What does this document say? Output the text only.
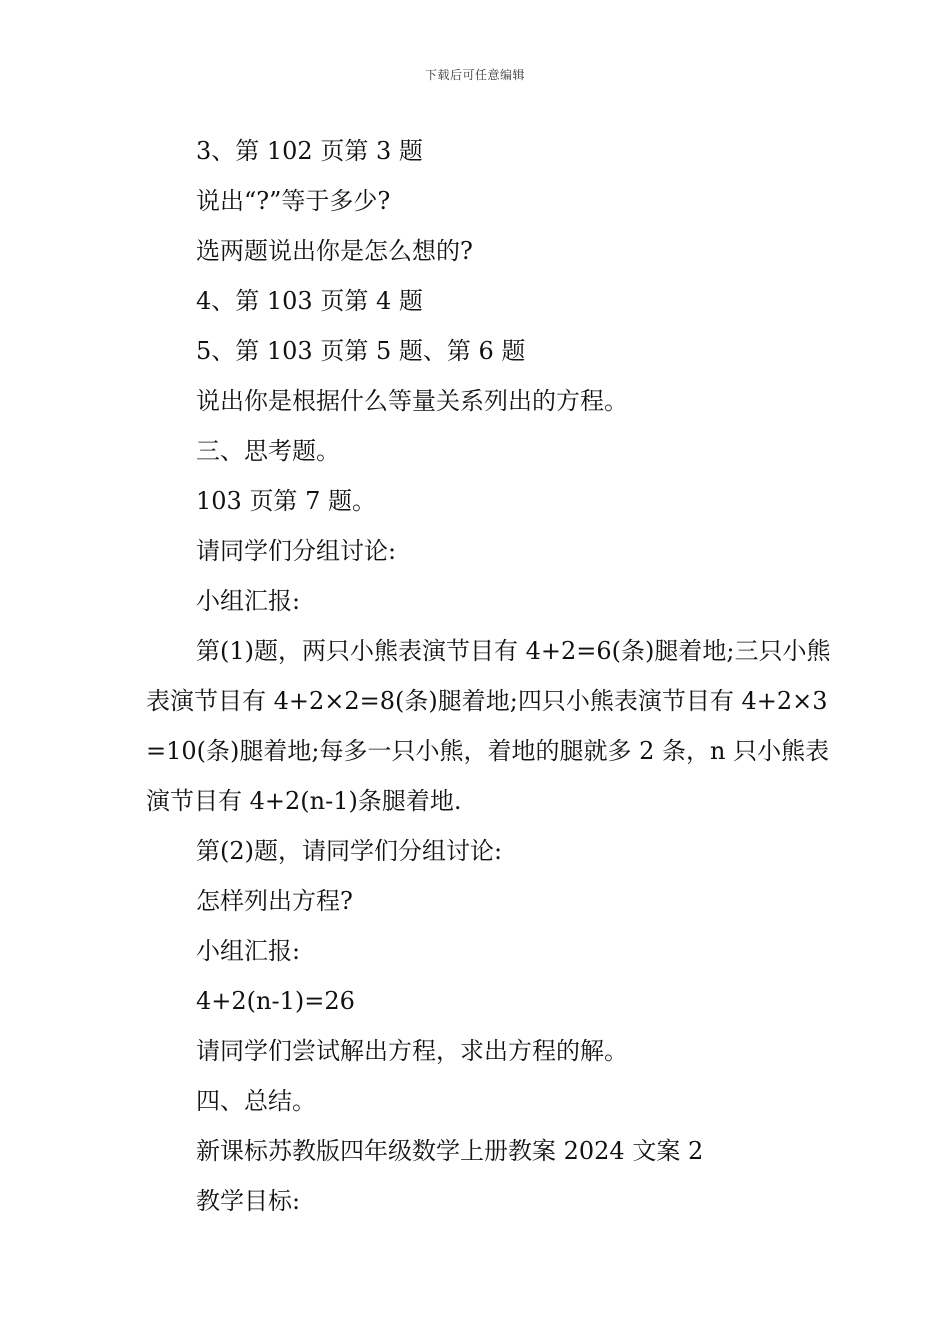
下载后可任意编辑

3、第 102 页第 3 题

说出“?”等于多少?

选两题说出你是怎么想的?

4、第 103 页第 4 题

5、第 103 页第 5 题、第 6 题

说出你是根据什么等量关系列出的方程。

三、思考题。

103 页第 7 题。

请同学们分组讨论:

小组汇报:

第(1)题，两只小熊表演节目有 4+2=6(条)腿着地;三只小熊表演节目有 4+2×2=8(条)腿着地;四只小熊表演节目有 4+2×3=10(条)腿着地;每多一只小熊，着地的腿就多 2 条，n 只小熊表演节目有 4+2(n-1)条腿着地.

第(2)题，请同学们分组讨论:

怎样列出方程?

小组汇报:

4+2(n-1)=26

请同学们尝试解出方程，求出方程的解。

四、总结。

新课标苏教版四年级数学上册教案 2024 文案 2

教学目标:
